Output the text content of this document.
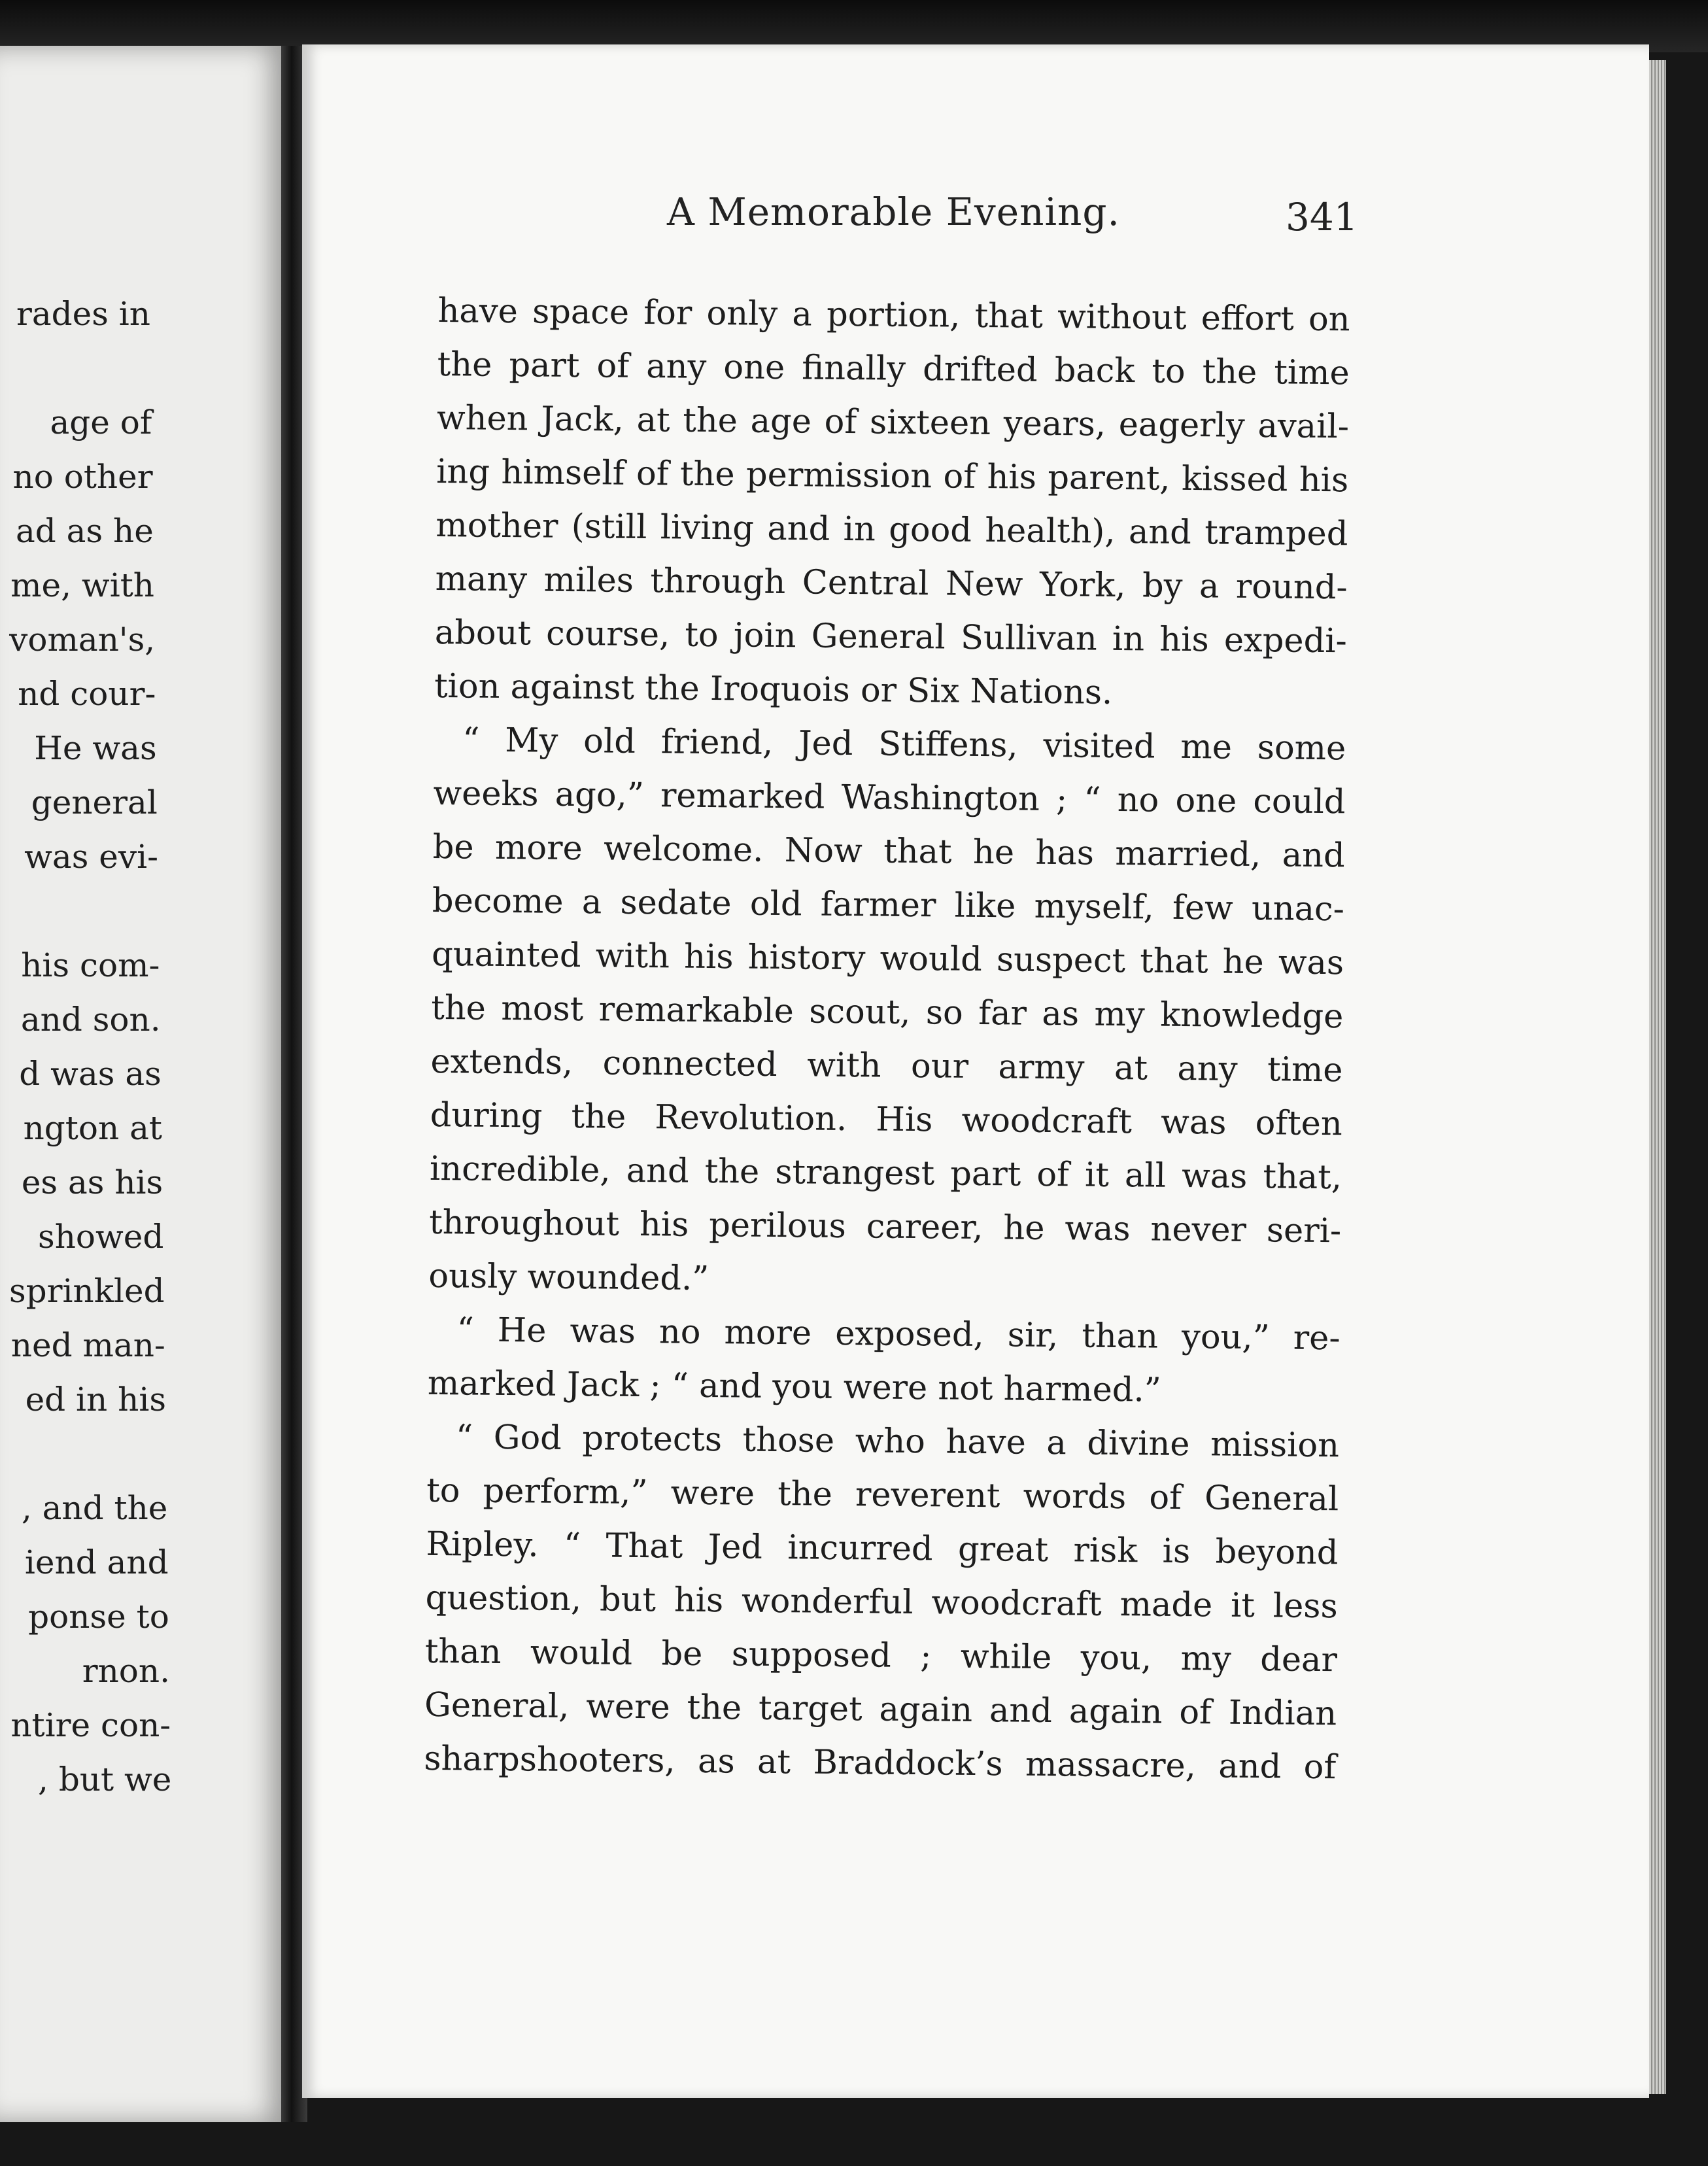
rades in
age of
no other
ad as he
me, with
voman's,
nd cour-
He was
general
was evi-
his com-
and son.
d was as
ngton at
es as his
showed
sprinkled
ned man-
ed in his
, and the
iend and
ponse to
rnon.
ntire con-
, but we
A Memorable Evening.	341
have space for only a portion, that without effort on
the part of any one finally drifted back to the time
when Jack, at the age of sixteen years, eagerly avail-
ing himself of the permission of his parent, kissed his
mother (still living and in good health), and tramped
many miles through Central New York, by a round-
about course, to join General Sullivan in his expedi-
tion against the Iroquois or Six Nations.
“ My old friend, Jed Stiffens, visited me some
weeks ago,” remarked Washington ; “ no one could
be more welcome. Now that he has married, and
become a sedate old farmer like myself, few unac-
quainted with his history would suspect that he was
the most remarkable scout, so far as my knowledge
extends, connected with our army at any time
during the Revolution. His woodcraft was often
incredible, and the strangest part of it all was that,
throughout his perilous career, he was never seri-
ously wounded.”
“ He was no more exposed, sir, than you,” re-
marked Jack ; “ and you were not harmed.”
“ God protects those who have a divine mission
to perform,” were the reverent words of General
Ripley. “ That Jed incurred great risk is beyond
question, but his wonderful woodcraft made it less
than would be supposed ; while you, my dear
General, were the target again and again of Indian
sharpshooters, as at Braddock’s massacre, and of
